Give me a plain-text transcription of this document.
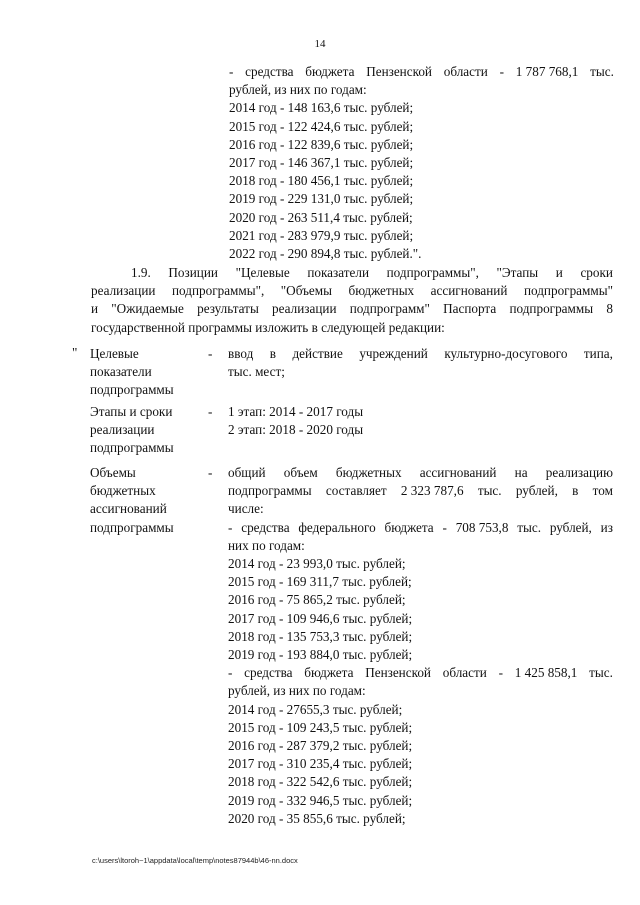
14
- средства бюджета Пензенской области - 1 787 768,1 тыс.
рублей, из них по годам:
2014 год - 148 163,6 тыс. рублей;
2015 год - 122 424,6 тыс. рублей;
2016 год - 122 839,6 тыс. рублей;
2017 год - 146 367,1 тыс. рублей;
2018 год - 180 456,1 тыс. рублей;
2019 год - 229 131,0 тыс. рублей;
2020 год - 263 511,4 тыс. рублей;
2021 год - 283 979,9 тыс. рублей;
2022 год - 290 894,8 тыс. рублей.".
1.9. Позиции "Целевые показатели подпрограммы", "Этапы и сроки
реализации подпрограммы", "Объемы бюджетных ассигнований подпрограммы"
и "Ожидаемые результаты реализации подпрограмм" Паспорта подпрограммы 8
государственной программы изложить в следующей редакции:
" Целевые
показатели
подпрограммы
- ввод в действие учреждений культурно-досугового типа,
тыс. мест;
Этапы и сроки
реализации
подпрограммы
- 1 этап: 2014 - 2017 годы
2 этап: 2018 - 2020 годы
Объемы
бюджетных
ассигнований
подпрограммы
- общий объем бюджетных ассигнований на реализацию
подпрограммы составляет 2 323 787,6 тыс. рублей, в том
числе:
- средства федерального бюджета - 708 753,8 тыс. рублей, из
них по годам:
2014 год - 23 993,0 тыс. рублей;
2015 год - 169 311,7 тыс. рублей;
2016 год - 75 865,2 тыс. рублей;
2017 год - 109 946,6 тыс. рублей;
2018 год - 135 753,3 тыс. рублей;
2019 год - 193 884,0 тыс. рублей;
- средства бюджета Пензенской области - 1 425 858,1 тыс.
рублей, из них по годам:
2014 год - 27655,3 тыс. рублей;
2015 год - 109 243,5 тыс. рублей;
2016 год - 287 379,2 тыс. рублей;
2017 год - 310 235,4 тыс. рублей;
2018 год - 322 542,6 тыс. рублей;
2019 год - 332 946,5 тыс. рублей;
2020 год - 35 855,6 тыс. рублей;
c:\users\ltoroh~1\appdata\local\temp\notes87944b\46-nn.docx
